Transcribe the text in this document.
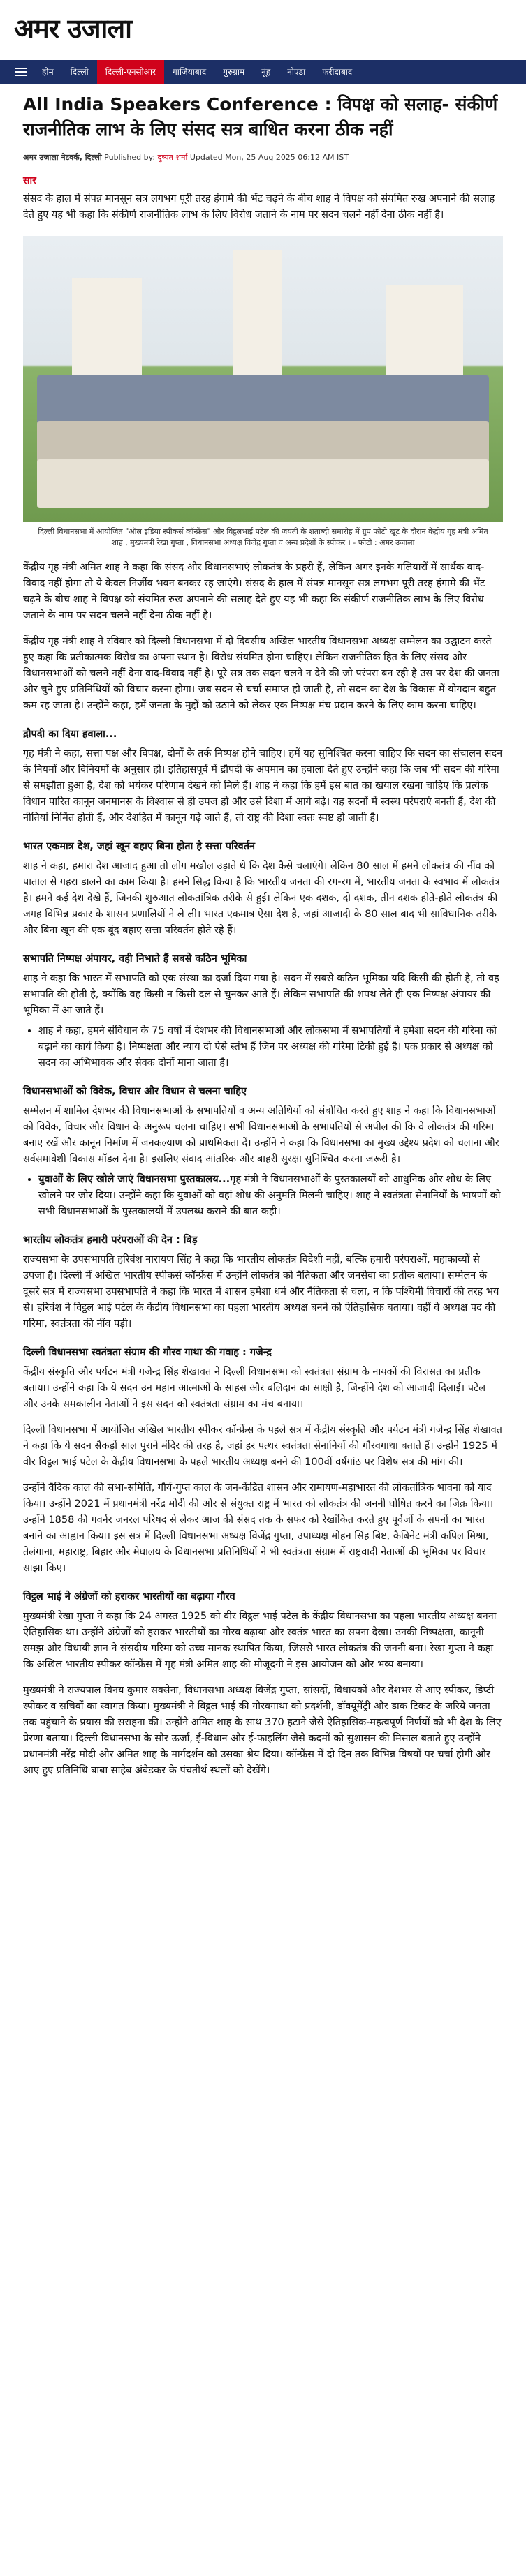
अमर उजाला
होम	दिल्ली	दिल्ली-एनसीआर	गाजियाबाद	गुरुग्राम	नूंह	नोएडा	फरीदाबाद
All India Speakers Conference : विपक्ष को सलाह- संकीर्ण राजनीतिक लाभ के लिए संसद सत्र बाधित करना ठीक नहीं
अमर उजाला नेटवर्क, दिल्ली Published by: दुष्यंत शर्मा Updated Mon, 25 Aug 2025 06:12 AM IST
सार

संसद के हाल में संपन्न मानसून सत्र लगभग पूरी तरह हंगामे की भेंट चढ़ने के बीच शाह ने विपक्ष को संयमित रुख अपनाने की सलाह देते हुए यह भी कहा कि संकीर्ण राजनीतिक लाभ के लिए विरोध जताने के नाम पर सदन चलने नहीं देना ठीक नहीं है।

दिल्ली विधानसभा में आयोजित "ऑल इंडिया स्पीकर्स कॉन्फ्रेंस" और विट्ठलभाई पटेल की जयंती के शताब्दी समारोह में ग्रुप फोटो खूट के दौरान केंद्रीय गृह मंत्री अमित शाह , मुख्यमंत्री रेखा गुप्ता , विधानसभा अध्यक्ष विजेंद्र गुप्ता व अन्य प्रदेशों के स्पीकर । - फोटो : अमर उजाला

केंद्रीय गृह मंत्री अमित शाह ने कहा कि संसद और विधानसभाएं लोकतंत्र के प्रहरी हैं, लेकिन अगर इनके गलियारों में सार्थक वाद-विवाद नहीं होगा तो ये केवल निर्जीव भवन बनकर रह जाएंगे। संसद के हाल में संपन्न मानसून सत्र लगभग पूरी तरह हंगामे की भेंट चढ़ने के बीच शाह ने विपक्ष को संयमित रुख अपनाने की सलाह देते हुए यह भी कहा कि संकीर्ण राजनीतिक लाभ के लिए विरोध जताने के नाम पर सदन चलने नहीं देना ठीक नहीं है।

केंद्रीय गृह मंत्री शाह ने रविवार को दिल्ली विधानसभा में दो दिवसीय अखिल भारतीय विधानसभा अध्यक्ष सम्मेलन का उद्घाटन करते हुए कहा कि प्रतीकात्मक विरोध का अपना स्थान है। विरोध संयमित होना चाहिए। लेकिन राजनीतिक हित के लिए संसद और विधानसभाओं को चलने नहीं देना वाद-विवाद नहीं है। पूरे सत्र तक सदन चलने न देने की जो परंपरा बन रही है उस पर देश की जनता और चुने हुए प्रतिनिधियों को विचार करना होगा। जब सदन से चर्चा समाप्त हो जाती है, तो सदन का देश के विकास में योगदान बहुत कम रह जाता है। उन्होंने कहा, हमें जनता के मुद्दों को उठाने को लेकर एक निष्पक्ष मंच प्रदान करने के लिए काम करना चाहिए।

द्रौपदी का दिया हवाला...

गृह मंत्री ने कहा, सत्ता पक्ष और विपक्ष, दोनों के तर्क निष्पक्ष होने चाहिए। हमें यह सुनिश्चित करना चाहिए कि सदन का संचालन सदन के नियमों और विनियमों के अनुसार हो। इतिहासपूर्व में द्रौपदी के अपमान का हवाला देते हुए उन्होंने कहा कि जब भी सदन की गरिमा से समझौता हुआ है, देश को भयंकर परिणाम देखने को मिले हैं। शाह ने कहा कि हमें इस बात का खयाल रखना चाहिए कि प्रत्येक विधान पारित कानून जनमानस के विश्वास से ही उपज हो और उसे दिशा में आगे बढ़े। यह सदनों में स्वस्थ परंपराएं बनती हैं, देश की नीतियां निर्मित होती हैं, और देशहित में कानून गढ़े जाते हैं, तो राष्ट्र की दिशा स्वतः स्पष्ट हो जाती है।

भारत एकमात्र देश, जहां खून बहाए बिना होता है सत्ता परिवर्तन

शाह ने कहा, हमारा देश आजाद हुआ तो लोग मखौल उड़ाते थे कि देश कैसे चलाएंगे। लेकिन 80 साल में हमने लोकतंत्र की नींव को पाताल से गहरा डालने का काम किया है। हमने सिद्ध किया है कि भारतीय जनता की रग-रग में, भारतीय जनता के स्वभाव में लोकतंत्र है। हमने कई देश देखे हैं, जिनकी शुरुआत लोकतांत्रिक तरीके से हुई। लेकिन एक दशक, दो दशक, तीन दशक होते-होते लोकतंत्र की जगह विभिन्न प्रकार के शासन प्रणालियों ने ले ली। भारत एकमात्र ऐसा देश है, जहां आजादी के 80 साल बाद भी साविधानिक तरीके और बिना खून की एक बूंद बहाए सत्ता परिवर्तन होते रहे हैं।

सभापति निष्पक्ष अंपायर, वही निभाते हैं सबसे कठिन भूमिका

शाह ने कहा कि भारत में सभापति को एक संस्था का दर्जा दिया गया है। सदन में सबसे कठिन भूमिका यदि किसी की होती है, तो वह सभापति की होती है, क्योंकि वह किसी न किसी दल से चुनकर आते हैं। लेकिन सभापति की शपथ लेते ही एक निष्पक्ष अंपायर की भूमिका में आ जाते हैं।

• शाह ने कहा, हमने संविधान के 75 वर्षों में देशभर की विधानसभाओं और लोकसभा में सभापतियों ने हमेशा सदन की गरिमा को बढ़ाने का कार्य किया है। निष्पक्षता और न्याय दो ऐसे स्तंभ हैं जिन पर अध्यक्ष की गरिमा टिकी हुई है। एक प्रकार से अध्यक्ष को सदन का अभिभावक और सेवक दोनों माना जाता है।
विधानसभाओं को विवेक, विचार और विधान से चलना चाहिए

सम्मेलन में शामिल देशभर की विधानसभाओं के सभापतियों व अन्य अतिथियों को संबोधित करते हुए शाह ने कहा कि विधानसभाओं को विवेक, विचार और विधान के अनुरूप चलना चाहिए। सभी विधानसभाओं के सभापतियों से अपील की कि वे लोकतंत्र की गरिमा बनाए रखें और कानून निर्माण में जनकल्याण को प्राथमिकता दें। उन्होंने ने कहा कि विधानसभा का मुख्य उद्देश्य प्रदेश को चलाना और सर्वसमावेशी विकास मॉडल देना है। इसलिए संवाद आंतरिक और बाहरी सुरक्षा सुनिश्चित करना जरूरी है।

• युवाओं के लिए खोले जाएं विधानसभा पुस्तकालय...गृह मंत्री ने विधानसभाओं के पुस्तकालयों को आधुनिक और शोध के लिए खोलने पर जोर दिया। उन्होंने कहा कि युवाओं को वहां शोध की अनुमति मिलनी चाहिए। शाह ने स्वतंत्रता सेनानियों के भाषणों को सभी विधानसभाओं के पुस्तकालयों में उपलब्ध कराने की बात कही।
भारतीय लोकतंत्र हमारी परंपराओं की देन : बिड़

राज्यसभा के उपसभापति हरिवंश नारायण सिंह ने कहा कि भारतीय लोकतंत्र विदेशी नहीं, बल्कि हमारी परंपराओं, महाकाव्यों से उपजा है। दिल्ली में अखिल भारतीय स्पीकर्स कॉन्फ्रेंस में उन्होंने लोकतंत्र को नैतिकता और जनसेवा का प्रतीक बताया। सम्मेलन के दूसरे सत्र में राज्यसभा उपसभापति ने कहा कि भारत में शासन हमेशा धर्म और नैतिकता से चला, न कि पश्चिमी विचारों की तरह भय से। हरिवंश ने विट्ठल भाई पटेल के केंद्रीय विधानसभा का पहला भारतीय अध्यक्ष बनने को ऐतिहासिक बताया। वहीं वे अध्यक्ष पद की गरिमा, स्वतंत्रता की नींव पड़ी।

दिल्ली विधानसभा स्वतंत्रता संग्राम की गौरव गाथा की गवाह : गजेन्द्र

केंद्रीय संस्कृति और पर्यटन मंत्री गजेन्द्र सिंह शेखावत ने दिल्ली विधानसभा को स्वतंत्रता संग्राम के नायकों की विरासत का प्रतीक बताया। उन्होंने कहा कि ये सदन उन महान आत्माओं के साहस और बलिदान का साक्षी है, जिन्होंने देश को आजादी दिलाई। पटेल और उनके समकालीन नेताओं ने इस सदन को स्वतंत्रता संग्राम का मंच बनाया।

दिल्ली विधानसभा में आयोजित अखिल भारतीय स्पीकर कॉन्फ्रेंस के पहले सत्र में केंद्रीय संस्कृति और पर्यटन मंत्री गजेन्द्र सिंह शेखावत ने कहा कि ये सदन सैकड़ों साल पुराने मंदिर की तरह है, जहां हर पत्थर स्वतंत्रता सेनानियों की गौरवगाथा बताते हैं। उन्होंने 1925 में वीर विट्ठल भाई पटेल के केंद्रीय विधानसभा के पहले भारतीय अध्यक्ष बनने की 100वीं वर्षगांठ पर विशेष सत्र की मांग की।

उन्होंने वैदिक काल की सभा-समिति, गौर्य-गुप्त काल के जन-केंद्रित शासन और रामायण-महाभारत की लोकतांत्रिक भावना को याद किया। उन्होंने 2021 में प्रधानमंत्री नरेंद्र मोदी की ओर से संयुक्त राष्ट्र में भारत को लोकतंत्र की जननी घोषित करने का जिक्र किया। उन्होंने 1858 की गवर्नर जनरल परिषद से लेकर आज की संसद तक के सफर को रेखांकित करते हुए पूर्वजों के सपनों का भारत बनाने का आह्वान किया। इस सत्र में दिल्ली विधानसभा अध्यक्ष विजेंद्र गुप्ता, उपाध्यक्ष मोहन सिंह बिष्ट, कैबिनेट मंत्री कपिल मिश्रा, तेलंगाना, महाराष्ट्र, बिहार और मेघालय के विधानसभा प्रतिनिधियों ने भी स्वतंत्रता संग्राम में राष्ट्रवादी नेताओं की भूमिका पर विचार साझा किए।

विट्ठल भाई ने अंग्रेजों को हराकर भारतीयों का बढ़ाया गौरव

मुख्यमंत्री रेखा गुप्ता ने कहा कि 24 अगस्त 1925 को वीर विट्ठल भाई पटेल के केंद्रीय विधानसभा का पहला भारतीय अध्यक्ष बनना ऐतिहासिक था। उन्होंने अंग्रेजों को हराकर भारतीयों का गौरव बढ़ाया और स्वतंत्र भारत का सपना देखा। उनकी निष्पक्षता, कानूनी समझ और विधायी ज्ञान ने संसदीय गरिमा को उच्च मानक स्थापित किया, जिससे भारत लोकतंत्र की जननी बना। रेखा गुप्ता ने कहा कि अखिल भारतीय स्पीकर कॉन्फ्रेंस में गृह मंत्री अमित शाह की मौजूदगी ने इस आयोजन को और भव्य बनाया।

मुख्यमंत्री ने राज्यपाल विनय कुमार सक्सेना, विधानसभा अध्यक्ष विजेंद्र गुप्ता, सांसदों, विधायकों और देशभर से आए स्पीकर, डिप्टी स्पीकर व सचिवों का स्वागत किया। मुख्यमंत्री ने विट्ठल भाई की गौरवगाथा को प्रदर्शनी, डॉक्यूमेंट्री और डाक टिकट के जरिये जनता तक पहुंचाने के प्रयास की सराहना की। उन्होंने अमित शाह के साथ 370 हटाने जैसे ऐतिहासिक-महत्वपूर्ण निर्णयों को भी देश के लिए प्रेरणा बताया। दिल्ली विधानसभा के सौर ऊर्जा, ई-विधान और ई-फाइलिंग जैसे कदमों को सुशासन की मिसाल बताते हुए उन्होंने प्रधानमंत्री नरेंद्र मोदी और अमित शाह के मार्गदर्शन को उसका श्रेय दिया। कॉन्फ्रेंस में दो दिन तक विभिन्न विषयों पर चर्चा होगी और आए हुए प्रतिनिधि बाबा साहेब अंबेडकर के पंचतीर्थ स्थलों को देखेंगे।
